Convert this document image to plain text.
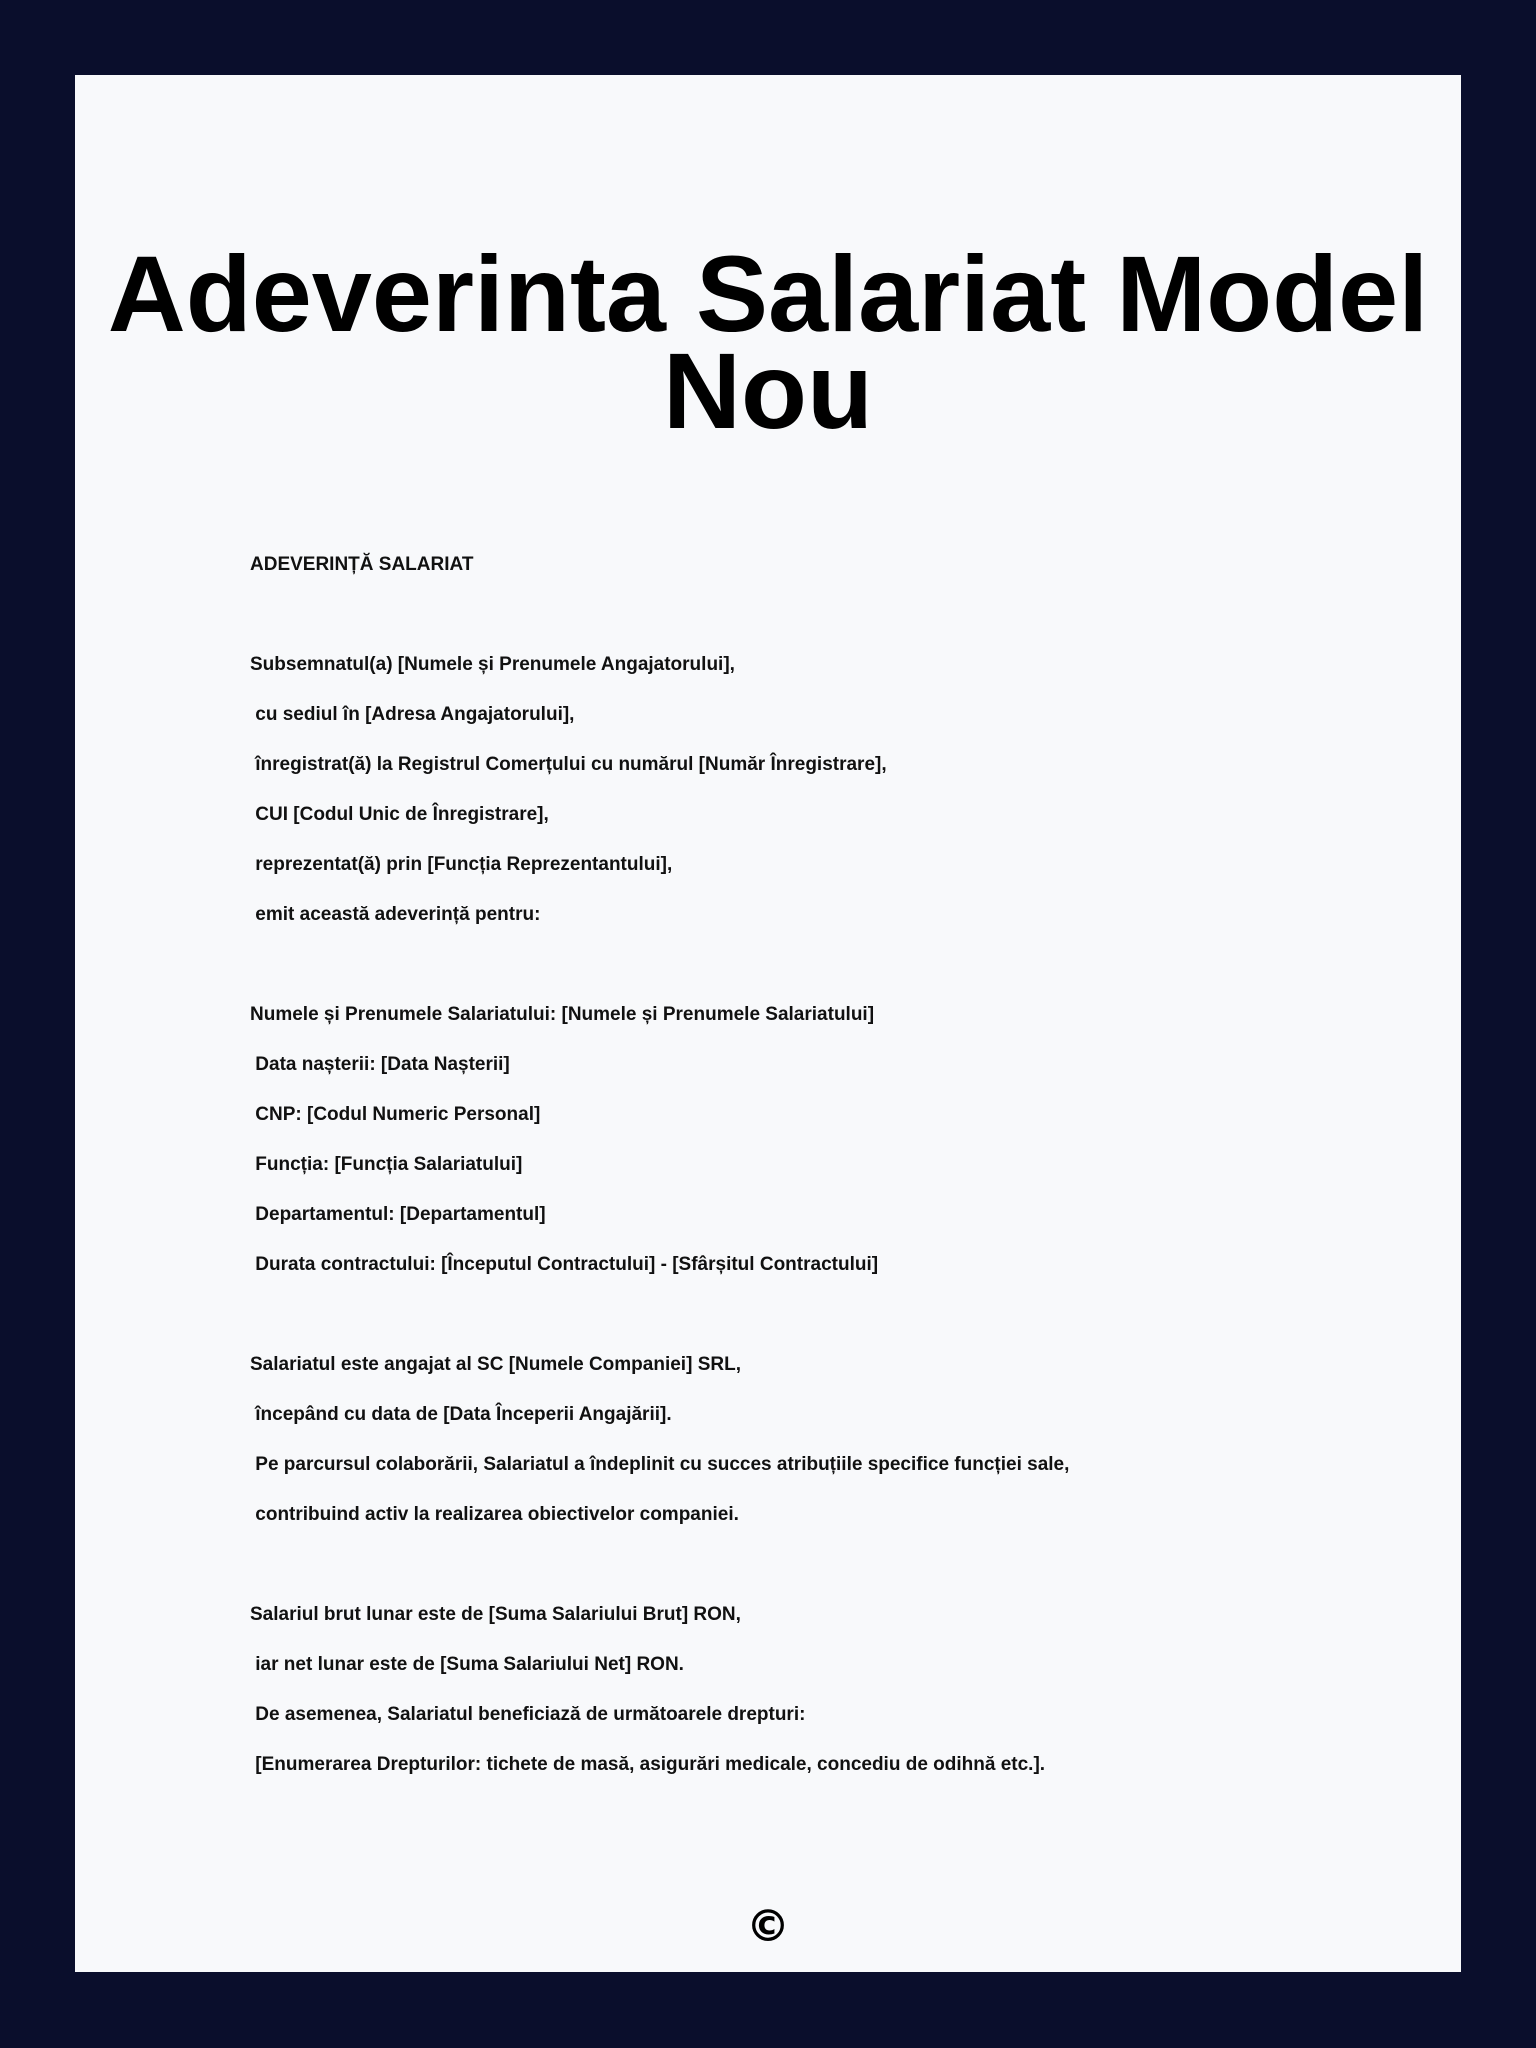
Adeverinta Salariat Model Nou

ADEVERINȚĂ SALARIAT

Subsemnatul(a) [Numele și Prenumele Angajatorului],

cu sediul în [Adresa Angajatorului],

înregistrat(ă) la Registrul Comerțului cu numărul [Număr Înregistrare],

CUI [Codul Unic de Înregistrare],

reprezentat(ă) prin [Funcția Reprezentantului],

emit această adeverință pentru:

Numele și Prenumele Salariatului: [Numele și Prenumele Salariatului]

Data nașterii: [Data Nașterii]

CNP: [Codul Numeric Personal]

Funcția: [Funcția Salariatului]

Departamentul: [Departamentul]

Durata contractului: [Începutul Contractului] - [Sfârșitul Contractului]

Salariatul este angajat al SC [Numele Companiei] SRL,

începând cu data de [Data Începerii Angajării].

Pe parcursul colaborării, Salariatul a îndeplinit cu succes atribuțiile specifice funcției sale,

contribuind activ la realizarea obiectivelor companiei.

Salariul brut lunar este de [Suma Salariului Brut] RON,

iar net lunar este de [Suma Salariului Net] RON.

De asemenea, Salariatul beneficiază de următoarele drepturi:

[Enumerarea Drepturilor: tichete de masă, asigurări medicale, concediu de odihnă etc.].

©
